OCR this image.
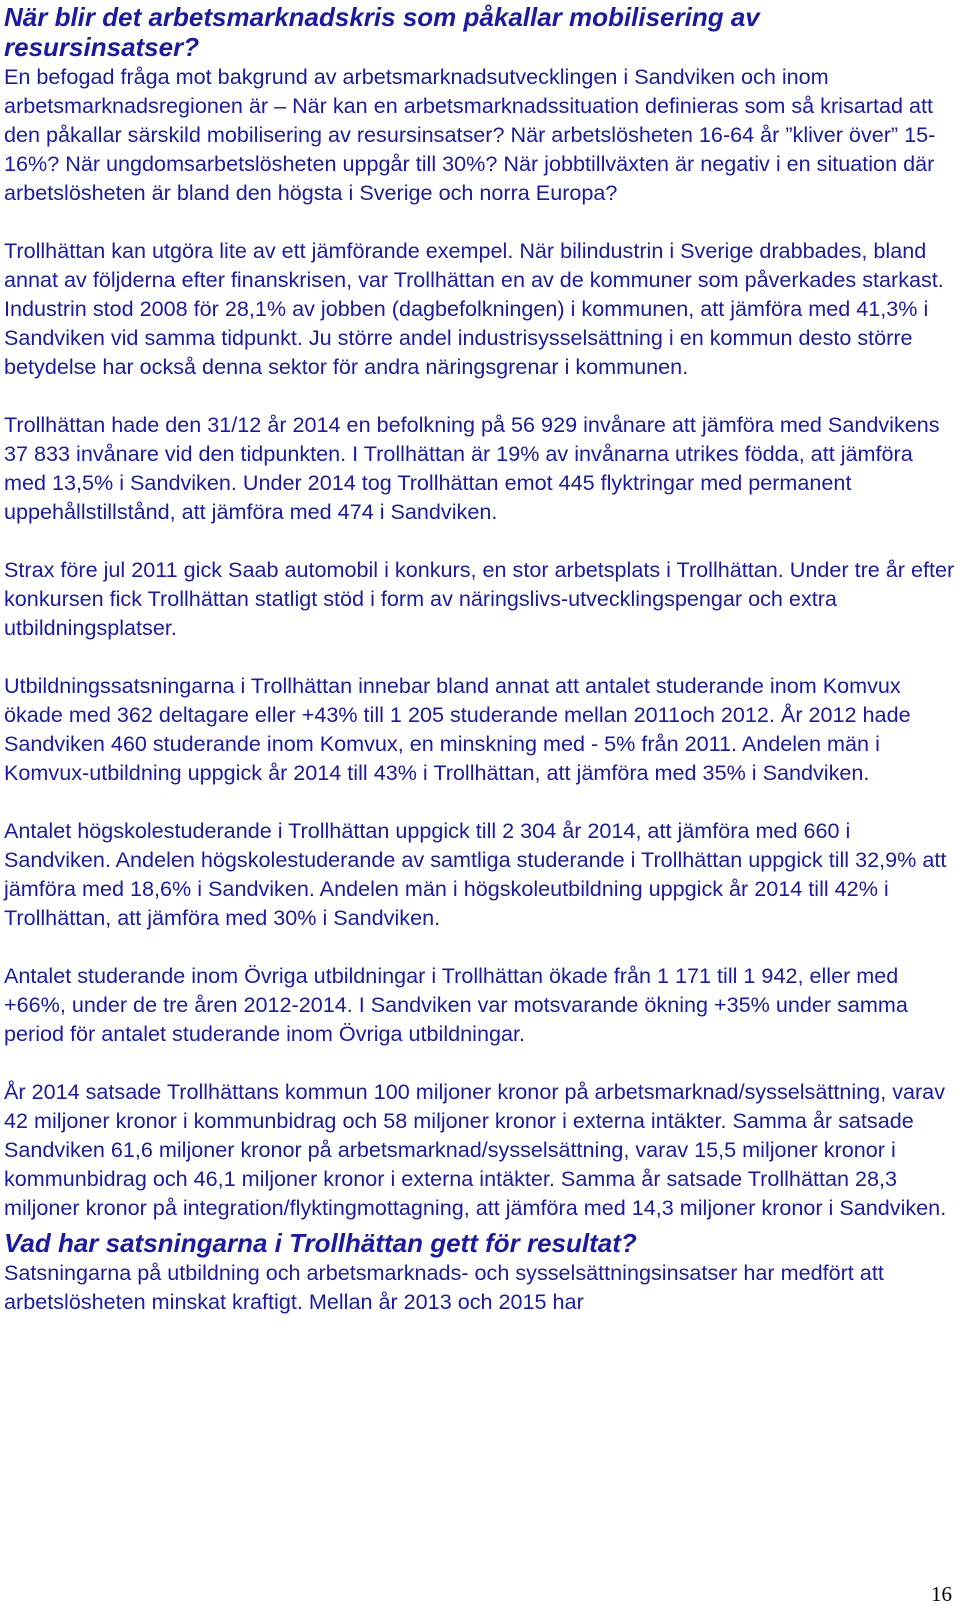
När blir det arbetsmarknadskris som påkallar mobilisering av resursinsatser?

En befogad fråga mot bakgrund av arbetsmarknadsutvecklingen i Sandviken och inom arbetsmarknadsregionen är – När kan en arbetsmarknadssituation definieras som så krisartad att den påkallar särskild mobilisering av resursinsatser? När arbetslösheten 16-64 år ”kliver över” 15-16%? När ungdomsarbetslösheten uppgår till 30%? När jobbtillväxten är negativ i en situation där arbetslösheten är bland den högsta i Sverige och norra Europa?

Trollhättan kan utgöra lite av ett jämförande exempel. När bilindustrin i Sverige drabbades, bland annat av följderna efter finanskrisen, var Trollhättan en av de kommuner som påverkades starkast. Industrin stod 2008 för 28,1% av jobben (dagbefolkningen) i kommunen, att jämföra med 41,3% i Sandviken vid samma tidpunkt. Ju större andel industrisysselsättning i en kommun desto större betydelse har också denna sektor för andra näringsgrenar i kommunen.

Trollhättan hade den 31/12 år 2014 en befolkning på 56 929 invånare att jämföra med Sandvikens 37 833 invånare vid den tidpunkten. I Trollhättan är 19% av invånarna utrikes födda, att jämföra med 13,5% i Sandviken. Under 2014 tog Trollhättan emot 445 flyktringar med permanent uppehållstillstånd, att jämföra med 474 i Sandviken.

Strax före jul 2011 gick Saab automobil i konkurs, en stor arbetsplats i Trollhättan. Under tre år efter konkursen fick Trollhättan statligt stöd i form av näringslivs-utvecklingspengar och extra utbildningsplatser.

Utbildningssatsningarna i Trollhättan innebar bland annat att antalet studerande inom Komvux ökade med 362 deltagare eller +43% till 1 205 studerande mellan 2011och 2012. År 2012 hade Sandviken 460 studerande inom Komvux, en minskning med - 5% från 2011. Andelen män i Komvux-utbildning uppgick år 2014 till 43% i Trollhättan, att jämföra med 35% i Sandviken.

Antalet högskolestuderande i Trollhättan uppgick till 2 304 år 2014, att jämföra med 660 i Sandviken. Andelen högskolestuderande av samtliga studerande i Trollhättan uppgick till 32,9% att jämföra med 18,6% i Sandviken. Andelen män i högskoleutbildning uppgick år 2014 till 42% i Trollhättan, att jämföra med 30% i Sandviken.

Antalet studerande inom Övriga utbildningar i Trollhättan ökade från 1 171 till 1 942, eller med +66%, under de tre åren 2012-2014. I Sandviken var motsvarande ökning +35% under samma period för antalet studerande inom Övriga utbildningar.

År 2014 satsade Trollhättans kommun 100 miljoner kronor på arbetsmarknad/sysselsättning, varav 42 miljoner kronor i kommunbidrag och 58 miljoner kronor i externa intäkter. Samma år satsade Sandviken 61,6 miljoner kronor på arbetsmarknad/sysselsättning, varav 15,5 miljoner kronor i kommunbidrag och 46,1 miljoner kronor i externa intäkter. Samma år satsade Trollhättan 28,3 miljoner kronor på integration/flyktingmottagning, att jämföra med 14,3 miljoner kronor i Sandviken.

Vad har satsningarna i Trollhättan gett för resultat?

Satsningarna på utbildning och arbetsmarknads- och sysselsättningsinsatser har medfört att arbetslösheten minskat kraftigt. Mellan år 2013 och 2015 har

16
